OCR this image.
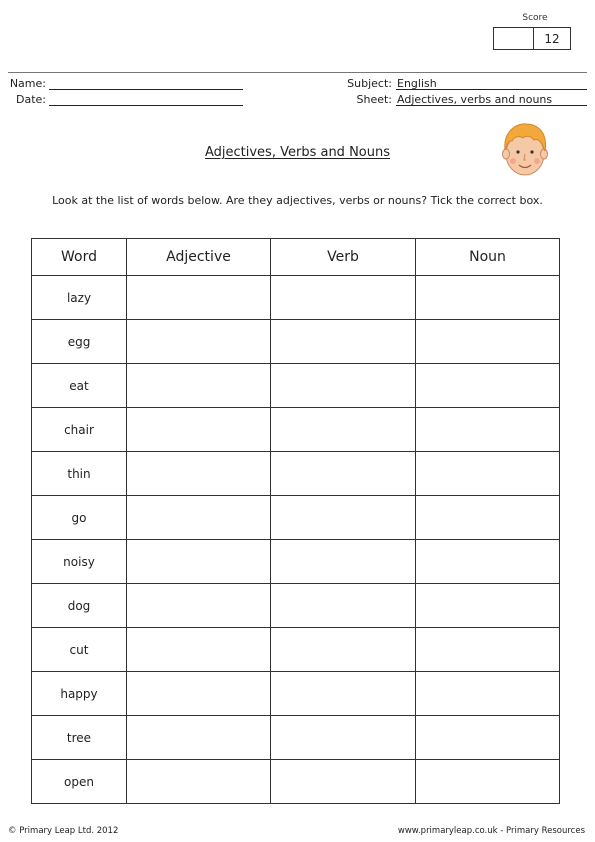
Score
12
Name:
Date:
Subject: English
Sheet: Adjectives, verbs and nouns
Adjectives, Verbs and Nouns
Look at the list of words below. Are they adjectives, verbs or nouns? Tick the correct box.
Word	Adjective	Verb	Noun
lazy			
egg			
eat			
chair			
thin			
go			
noisy			
dog			
cut			
happy			
tree			
open			
© Primary Leap Ltd. 2012	www.primaryleap.co.uk - Primary Resources
